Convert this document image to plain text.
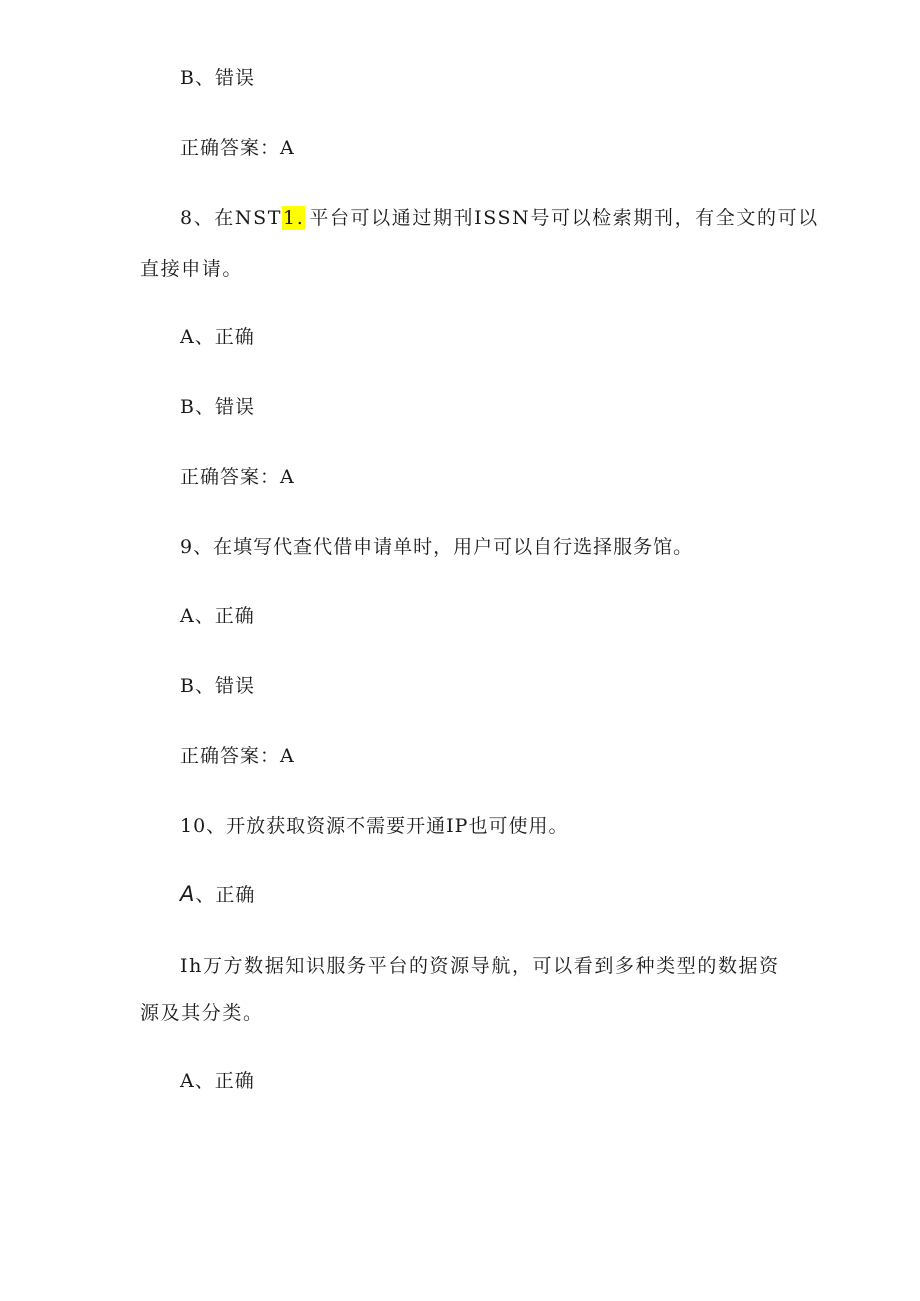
B、错误
正确答案：A
8、在NST1. 平台可以通过期刊ISSN号可以检索期刊，有全文的可以
直接申请。
A、正确
B、错误
正确答案：A
9、在填写代查代借申请单时，用户可以自行选择服务馆。
A、正确
B、错误
正确答案：A
10、开放获取资源不需要开通IP也可使用。
A、正确
Ih万方数据知识服务平台的资源导航，可以看到多种类型的数据资
源及其分类。
A、正确
